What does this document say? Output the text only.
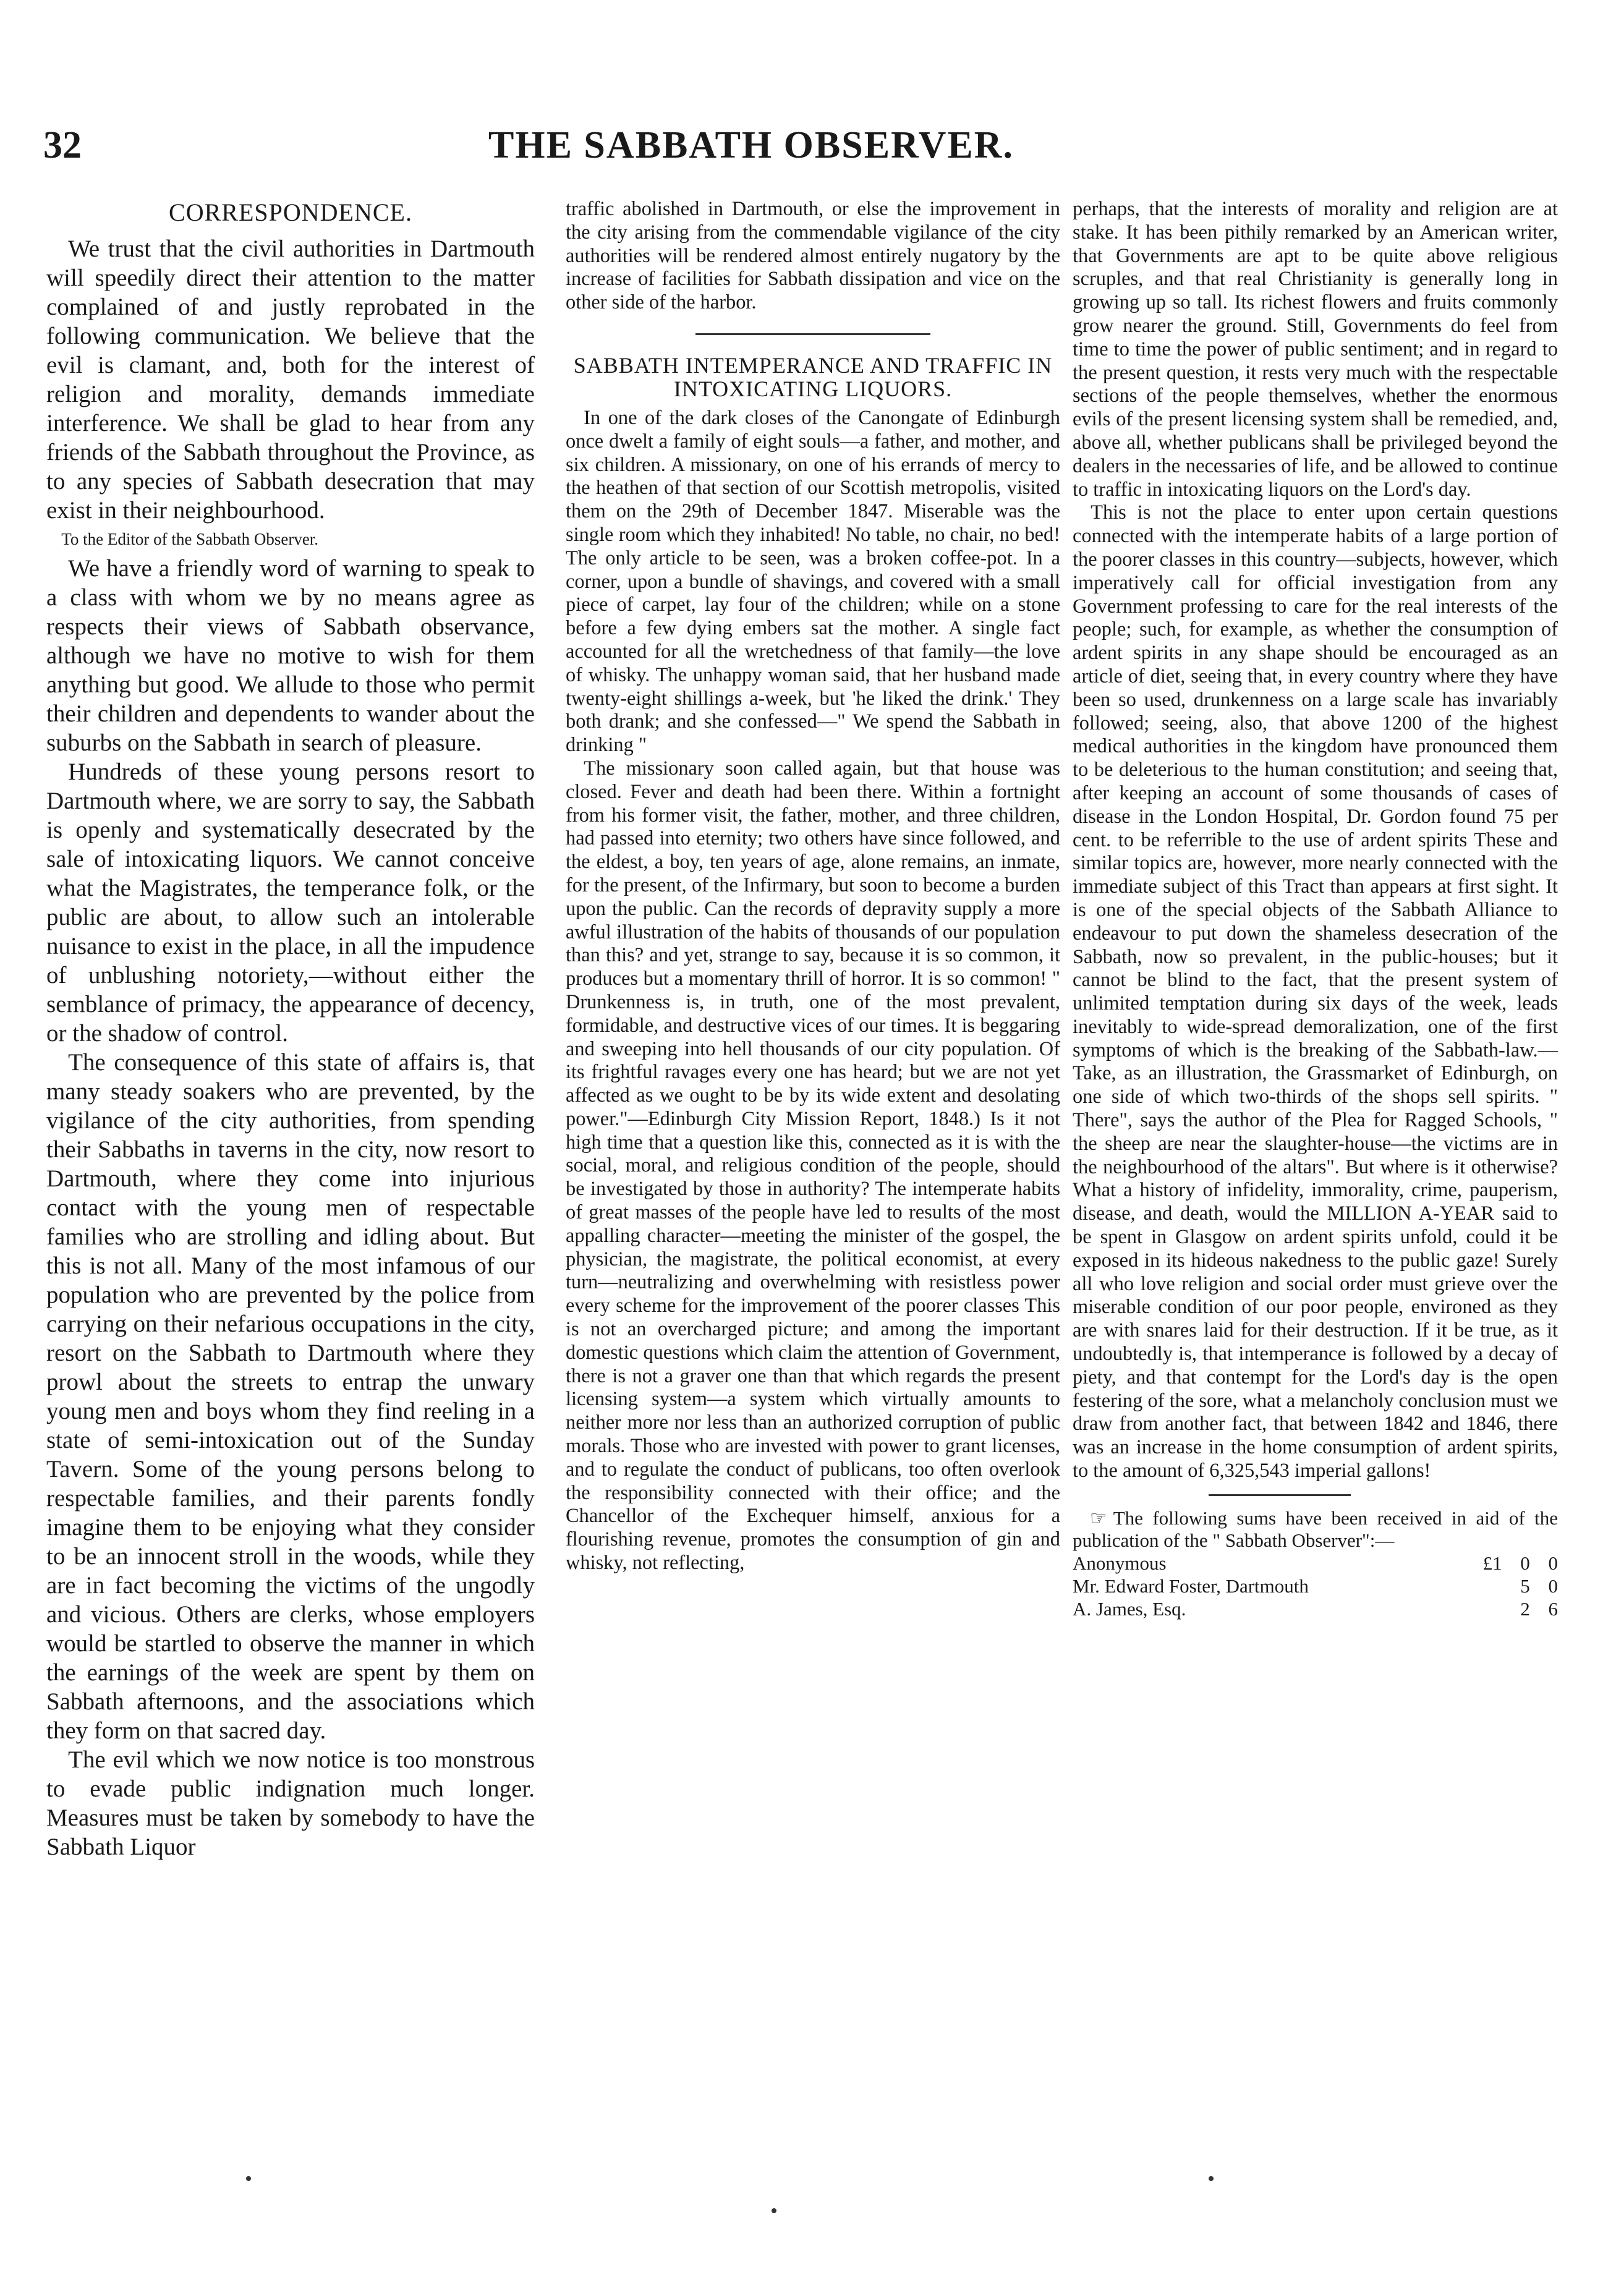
32	THE SABBATH OBSERVER.
CORRESPONDENCE.

We trust that the civil authorities in Dartmouth will speedily direct their attention to the matter complained of and justly reprobated in the following communication. We believe that the evil is clamant, and, both for the interest of religion and morality, demands immediate interference. We shall be glad to hear from any friends of the Sabbath throughout the Province, as to any species of Sabbath desecration that may exist in their neighbourhood.

To the Editor of the Sabbath Observer.

We have a friendly word of warning to speak to a class with whom we by no means agree as respects their views of Sabbath observance, although we have no motive to wish for them anything but good. We allude to those who permit their children and dependents to wander about the suburbs on the Sabbath in search of pleasure.

Hundreds of these young persons resort to Dartmouth where, we are sorry to say, the Sabbath is openly and systematically desecrated by the sale of intoxicating liquors. We cannot conceive what the Magistrates, the temperance folk, or the public are about, to allow such an intolerable nuisance to exist in the place, in all the impudence of unblushing notoriety,—without either the semblance of primacy, the appearance of decency, or the shadow of control.

The consequence of this state of affairs is, that many steady soakers who are prevented, by the vigilance of the city authorities, from spending their Sabbaths in taverns in the city, now resort to Dartmouth, where they come into injurious contact with the young men of respectable families who are strolling and idling about. But this is not all. Many of the most infamous of our population who are prevented by the police from carrying on their nefarious occupations in the city, resort on the Sabbath to Dartmouth where they prowl about the streets to entrap the unwary young men and boys whom they find reeling in a state of semi-intoxication out of the Sunday Tavern. Some of the young persons belong to respectable families, and their parents fondly imagine them to be enjoying what they consider to be an innocent stroll in the woods, while they are in fact becoming the victims of the ungodly and vicious. Others are clerks, whose employers would be startled to observe the manner in which the earnings of the week are spent by them on Sabbath afternoons, and the associations which they form on that sacred day.

The evil which we now notice is too monstrous to evade public indignation much longer. Measures must be taken by somebody to have the Sabbath Liquor

traffic abolished in Dartmouth, or else the improvement in the city arising from the commendable vigilance of the city authorities will be rendered almost entirely nugatory by the increase of facilities for Sabbath dissipation and vice on the other side of the harbor.

SABBATH INTEMPERANCE AND TRAFFIC IN INTOXICATING LIQUORS.

In one of the dark closes of the Canongate of Edinburgh once dwelt a family of eight souls—a father, and mother, and six children. A missionary, on one of his errands of mercy to the heathen of that section of our Scottish metropolis, visited them on the 29th of December 1847. Miserable was the single room which they inhabited! No table, no chair, no bed! The only article to be seen, was a broken coffee-pot. In a corner, upon a bundle of shavings, and covered with a small piece of carpet, lay four of the children; while on a stone before a few dying embers sat the mother. A single fact accounted for all the wretchedness of that family—the love of whisky. The unhappy woman said, that her husband made twenty-eight shillings a-week, but 'he liked the drink.' They both drank; and she confessed—" We spend the Sabbath in drinking "

The missionary soon called again, but that house was closed. Fever and death had been there. Within a fortnight from his former visit, the father, mother, and three children, had passed into eternity; two others have since followed, and the eldest, a boy, ten years of age, alone remains, an inmate, for the present, of the Infirmary, but soon to become a burden upon the public. Can the records of depravity supply a more awful illustration of the habits of thousands of our population than this? and yet, strange to say, because it is so common, it produces but a momentary thrill of horror. It is so common! " Drunkenness is, in truth, one of the most prevalent, formidable, and destructive vices of our times. It is beggaring and sweeping into hell thousands of our city population. Of its frightful ravages every one has heard; but we are not yet affected as we ought to be by its wide extent and desolating power."—Edinburgh City Mission Report, 1848.) Is it not high time that a question like this, connected as it is with the social, moral, and religious condition of the people, should be investigated by those in authority? The intemperate habits of great masses of the people have led to results of the most appalling character—meeting the minister of the gospel, the physician, the magistrate, the political economist, at every turn—neutralizing and overwhelming with resistless power every scheme for the improvement of the poorer classes This is not an overcharged picture; and among the important domestic questions which claim the attention of Government, there is not a graver one than that which regards the present licensing system—a system which virtually amounts to neither more nor less than an authorized corruption of public morals. Those who are invested with power to grant licenses, and to regulate the conduct of publicans, too often overlook the responsibility connected with their office; and the Chancellor of the Exchequer himself, anxious for a flourishing revenue, promotes the consumption of gin and whisky, not reflecting,

perhaps, that the interests of morality and religion are at stake. It has been pithily remarked by an American writer, that Governments are apt to be quite above religious scruples, and that real Christianity is generally long in growing up so tall. Its richest flowers and fruits commonly grow nearer the ground. Still, Governments do feel from time to time the power of public sentiment; and in regard to the present question, it rests very much with the respectable sections of the people themselves, whether the enormous evils of the present licensing system shall be remedied, and, above all, whether publicans shall be privileged beyond the dealers in the necessaries of life, and be allowed to continue to traffic in intoxicating liquors on the Lord's day.

This is not the place to enter upon certain questions connected with the intemperate habits of a large portion of the poorer classes in this country—subjects, however, which imperatively call for official investigation from any Government professing to care for the real interests of the people; such, for example, as whether the consumption of ardent spirits in any shape should be encouraged as an article of diet, seeing that, in every country where they have been so used, drunkenness on a large scale has invariably followed; seeing, also, that above 1200 of the highest medical authorities in the kingdom have pronounced them to be deleterious to the human constitution; and seeing that, after keeping an account of some thousands of cases of disease in the London Hospital, Dr. Gordon found 75 per cent. to be referrible to the use of ardent spirits These and similar topics are, however, more nearly connected with the immediate subject of this Tract than appears at first sight. It is one of the special objects of the Sabbath Alliance to endeavour to put down the shameless desecration of the Sabbath, now so prevalent, in the public-houses; but it cannot be blind to the fact, that the present system of unlimited temptation during six days of the week, leads inevitably to wide-spread demoralization, one of the first symptoms of which is the breaking of the Sabbath-law.— Take, as an illustration, the Grassmarket of Edinburgh, on one side of which two-thirds of the shops sell spirits. " There", says the author of the Plea for Ragged Schools, " the sheep are near the slaughter-house—the victims are in the neighbourhood of the altars". But where is it otherwise? What a history of infidelity, immorality, crime, pauperism, disease, and death, would the MILLION A-YEAR said to be spent in Glasgow on ardent spirits unfold, could it be exposed in its hideous nakedness to the public gaze! Surely all who love religion and social order must grieve over the miserable condition of our poor people, environed as they are with snares laid for their destruction. If it be true, as it undoubtedly is, that intemperance is followed by a decay of piety, and that contempt for the Lord's day is the open festering of the sore, what a melancholy conclusion must we draw from another fact, that between 1842 and 1846, there was an increase in the home consumption of ardent spirits, to the amount of 6,325,543 imperial gallons!

☞ The following sums have been received in aid of the publication of the " Sabbath Observer":—

Anonymous	£1 0 0
Mr. Edward Foster, Dartmouth	5 0
A. James, Esq.	2 6
